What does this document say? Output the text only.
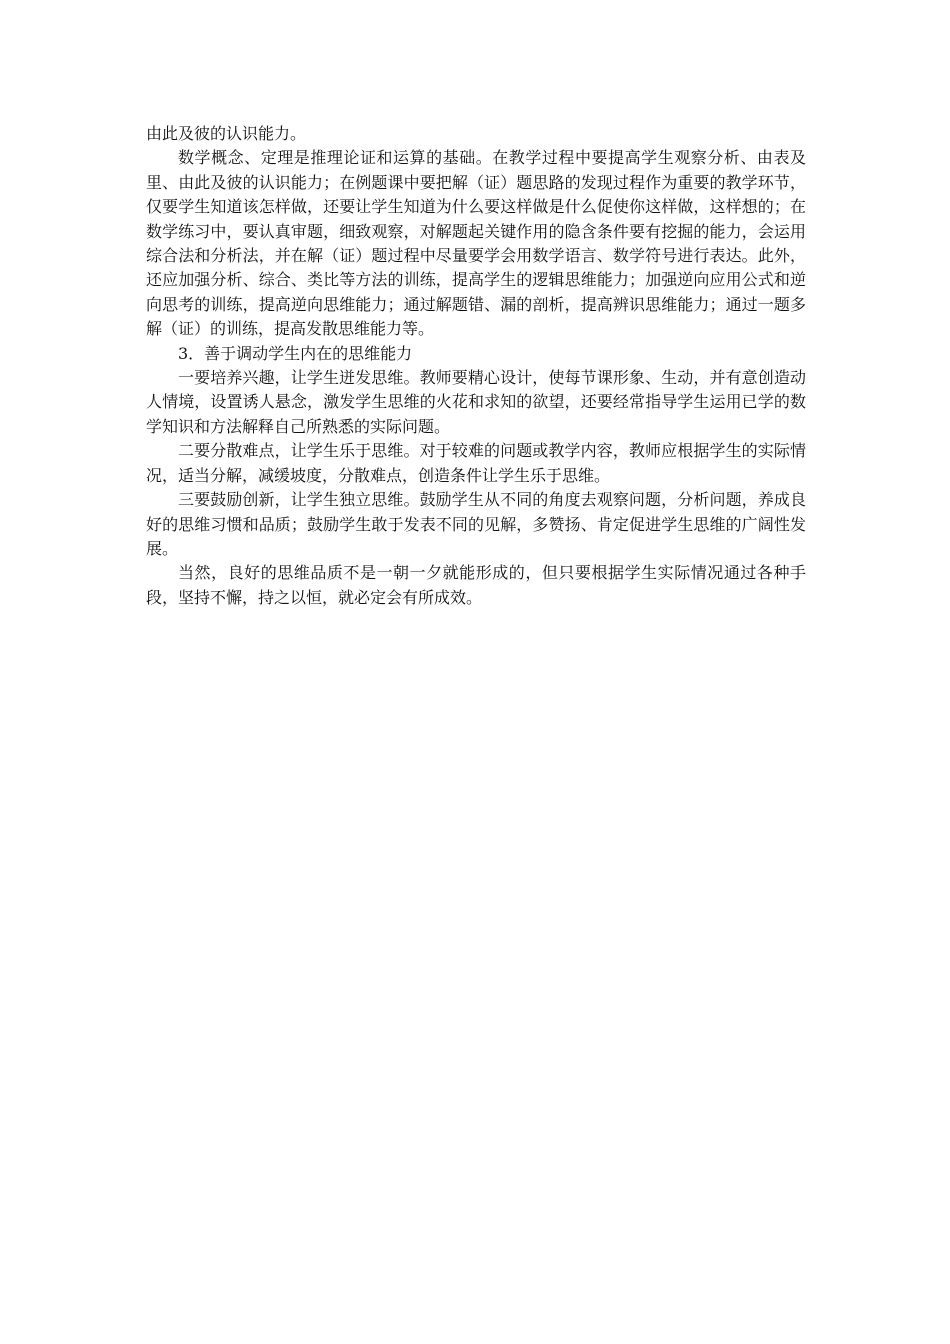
由此及彼的认识能力。

数学概念、定理是推理论证和运算的基础。在教学过程中要提高学生观察分析、由表及里、由此及彼的认识能力；在例题课中要把解（证）题思路的发现过程作为重要的教学环节，仅要学生知道该怎样做，还要让学生知道为什么要这样做是什么促使你这样做，这样想的；在数学练习中，要认真审题，细致观察，对解题起关键作用的隐含条件要有挖掘的能力，会运用综合法和分析法，并在解（证）题过程中尽量要学会用数学语言、数学符号进行表达。此外，还应加强分析、综合、类比等方法的训练，提高学生的逻辑思维能力；加强逆向应用公式和逆向思考的训练，提高逆向思维能力；通过解题错、漏的剖析，提高辨识思维能力；通过一题多解（证）的训练，提高发散思维能力等。

3．善于调动学生内在的思维能力

一要培养兴趣，让学生迸发思维。教师要精心设计，使每节课形象、生动，并有意创造动人情境，设置诱人悬念，激发学生思维的火花和求知的欲望，还要经常指导学生运用已学的数学知识和方法解释自己所熟悉的实际问题。

二要分散难点，让学生乐于思维。对于较难的问题或教学内容，教师应根据学生的实际情况，适当分解，减缓坡度，分散难点，创造条件让学生乐于思维。

三要鼓励创新，让学生独立思维。鼓励学生从不同的角度去观察问题，分析问题，养成良好的思维习惯和品质；鼓励学生敢于发表不同的见解，多赞扬、肯定促进学生思维的广阔性发展。

当然，良好的思维品质不是一朝一夕就能形成的，但只要根据学生实际情况通过各种手段，坚持不懈，持之以恒，就必定会有所成效。
